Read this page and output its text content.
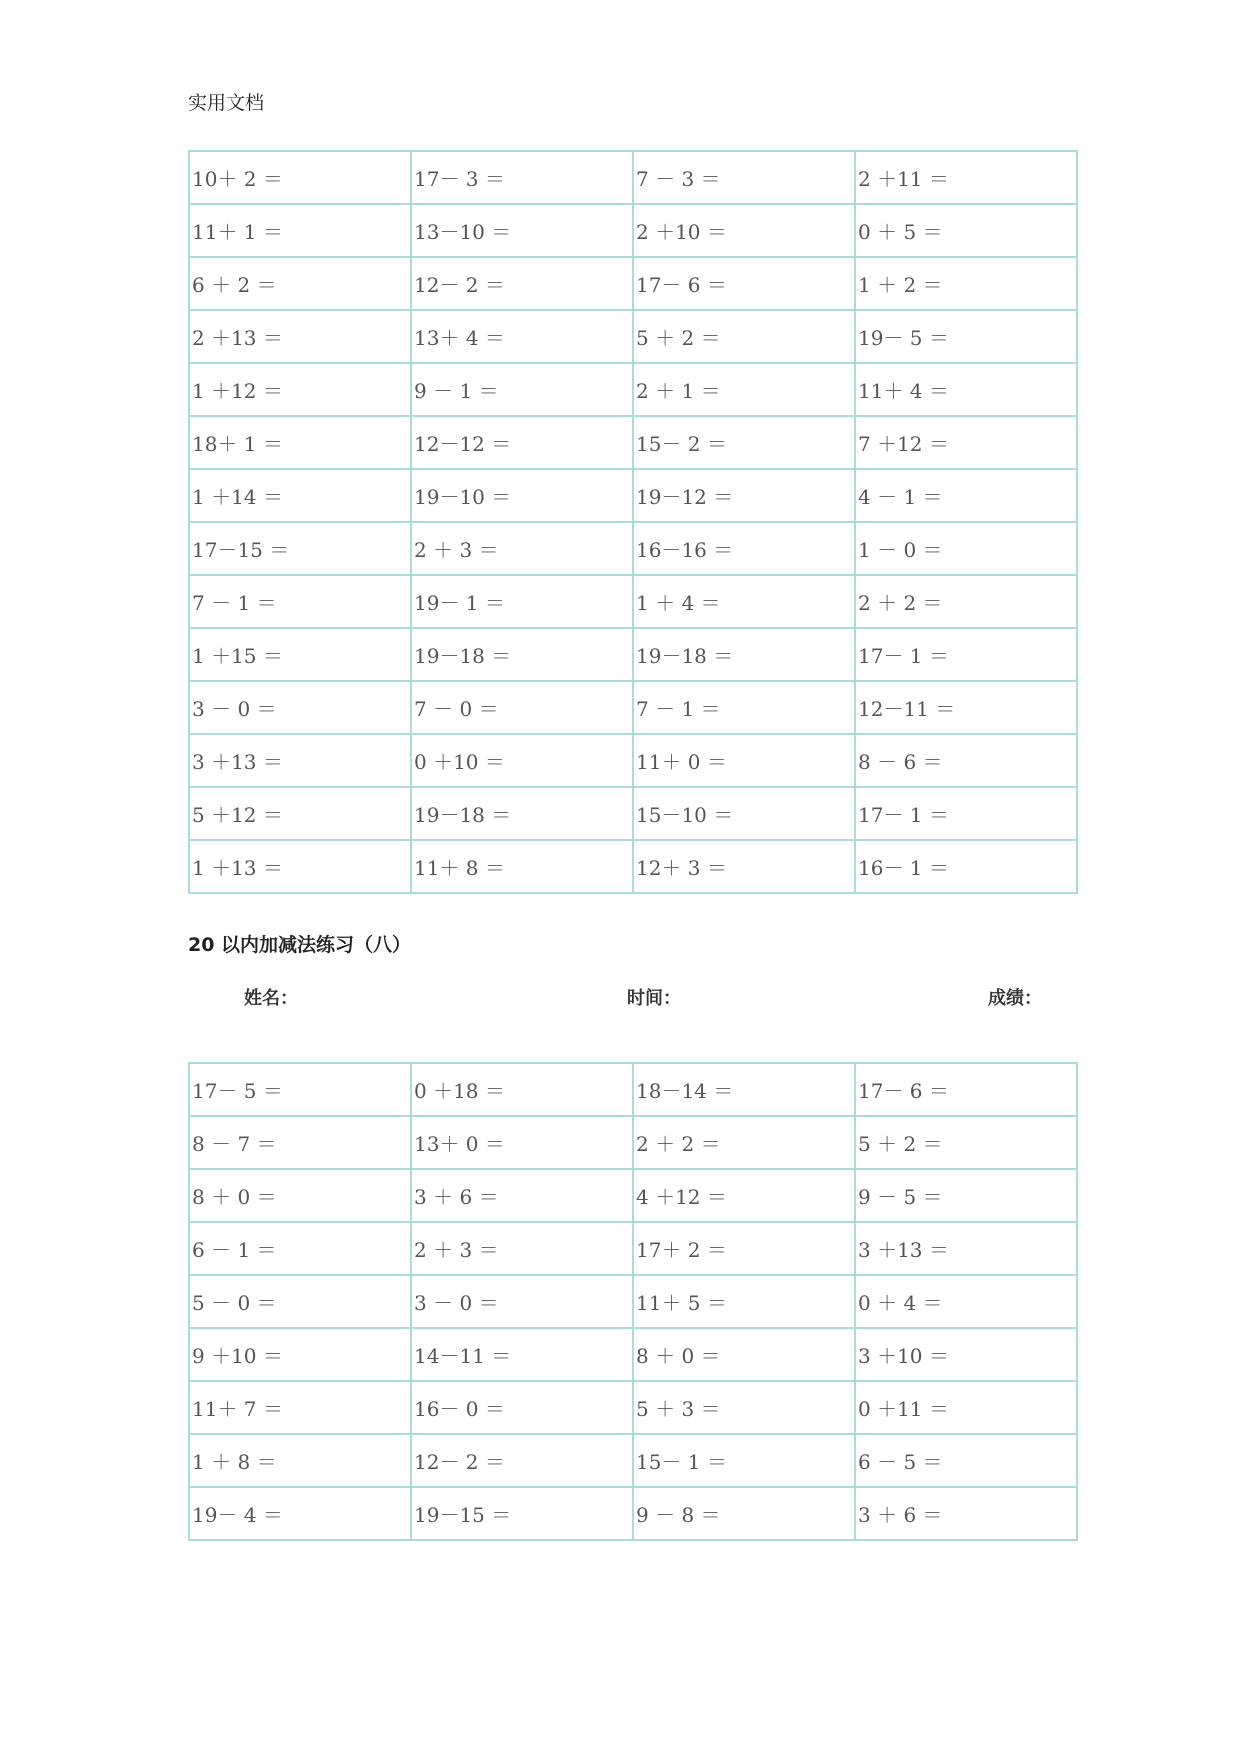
实用文档
10＋ 2 ＝	17－ 3 ＝	7 － 3 ＝	2 ＋11 ＝
11＋ 1 ＝	13－10 ＝	2 ＋10 ＝	0 ＋ 5 ＝
6 ＋ 2 ＝	12－ 2 ＝	17－ 6 ＝	1 ＋ 2 ＝
2 ＋13 ＝	13＋ 4 ＝	5 ＋ 2 ＝	19－ 5 ＝
1 ＋12 ＝	9 － 1 ＝	2 ＋ 1 ＝	11＋ 4 ＝
18＋ 1 ＝	12－12 ＝	15－ 2 ＝	7 ＋12 ＝
1 ＋14 ＝	19－10 ＝	19－12 ＝	4 － 1 ＝
17－15 ＝	2 ＋ 3 ＝	16－16 ＝	1 － 0 ＝
7 － 1 ＝	19－ 1 ＝	1 ＋ 4 ＝	2 ＋ 2 ＝
1 ＋15 ＝	19－18 ＝	19－18 ＝	17－ 1 ＝
3 － 0 ＝	7 － 0 ＝	7 － 1 ＝	12－11 ＝
3 ＋13 ＝	0 ＋10 ＝	11＋ 0 ＝	8 － 6 ＝
5 ＋12 ＝	19－18 ＝	15－10 ＝	17－ 1 ＝
1 ＋13 ＝	11＋ 8 ＝	12＋ 3 ＝	16－ 1 ＝
20 以内加减法练习（八）
姓名：	时间：	成绩：
17－ 5 ＝	0 ＋18 ＝	18－14 ＝	17－ 6 ＝
8 － 7 ＝	13＋ 0 ＝	2 ＋ 2 ＝	5 ＋ 2 ＝
8 ＋ 0 ＝	3 ＋ 6 ＝	4 ＋12 ＝	9 － 5 ＝
6 － 1 ＝	2 ＋ 3 ＝	17＋ 2 ＝	3 ＋13 ＝
5 － 0 ＝	3 － 0 ＝	11＋ 5 ＝	0 ＋ 4 ＝
9 ＋10 ＝	14－11 ＝	8 ＋ 0 ＝	3 ＋10 ＝
11＋ 7 ＝	16－ 0 ＝	5 ＋ 3 ＝	0 ＋11 ＝
1 ＋ 8 ＝	12－ 2 ＝	15－ 1 ＝	6 － 5 ＝
19－ 4 ＝	19－15 ＝	9 － 8 ＝	3 ＋ 6 ＝
